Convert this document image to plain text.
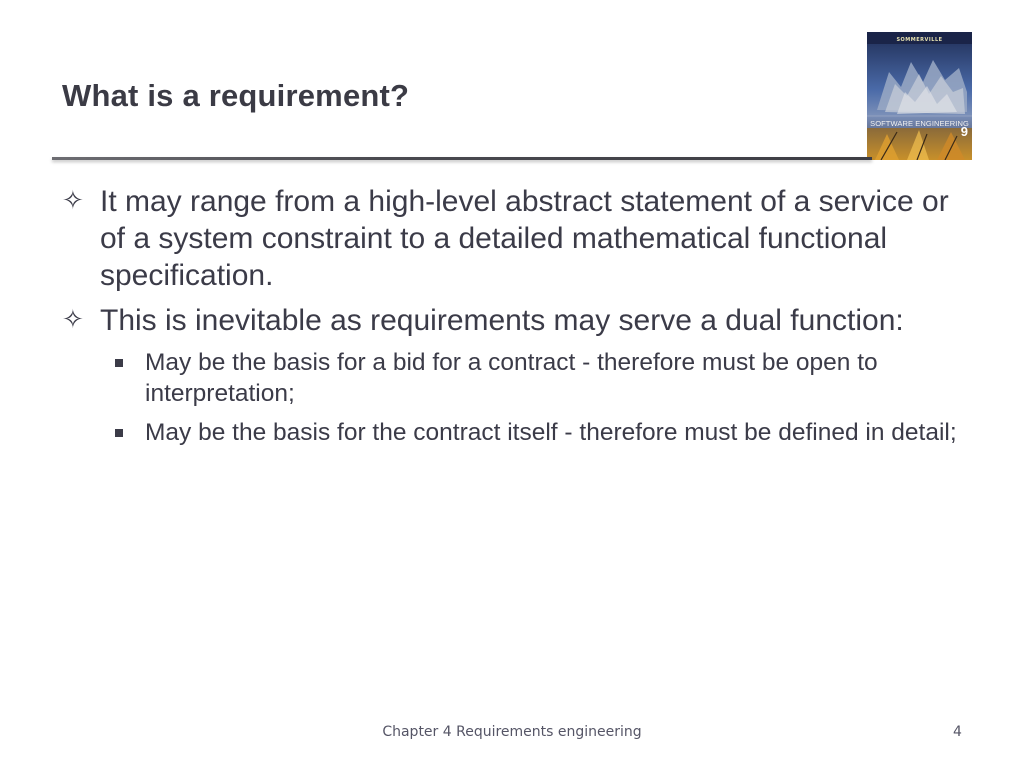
What is a requirement?
SOMMERVILLE
SOFTWARE ENGINEERING
9

✧ It may range from a high-level abstract statement of a service or of a system constraint to a detailed mathematical functional specification.

✧ This is inevitable as requirements may serve a dual function:

May be the basis for a bid for a contract - therefore must be open to interpretation;

May be the basis for the contract itself - therefore must be defined in detail;

Chapter 4 Requirements engineering	4
